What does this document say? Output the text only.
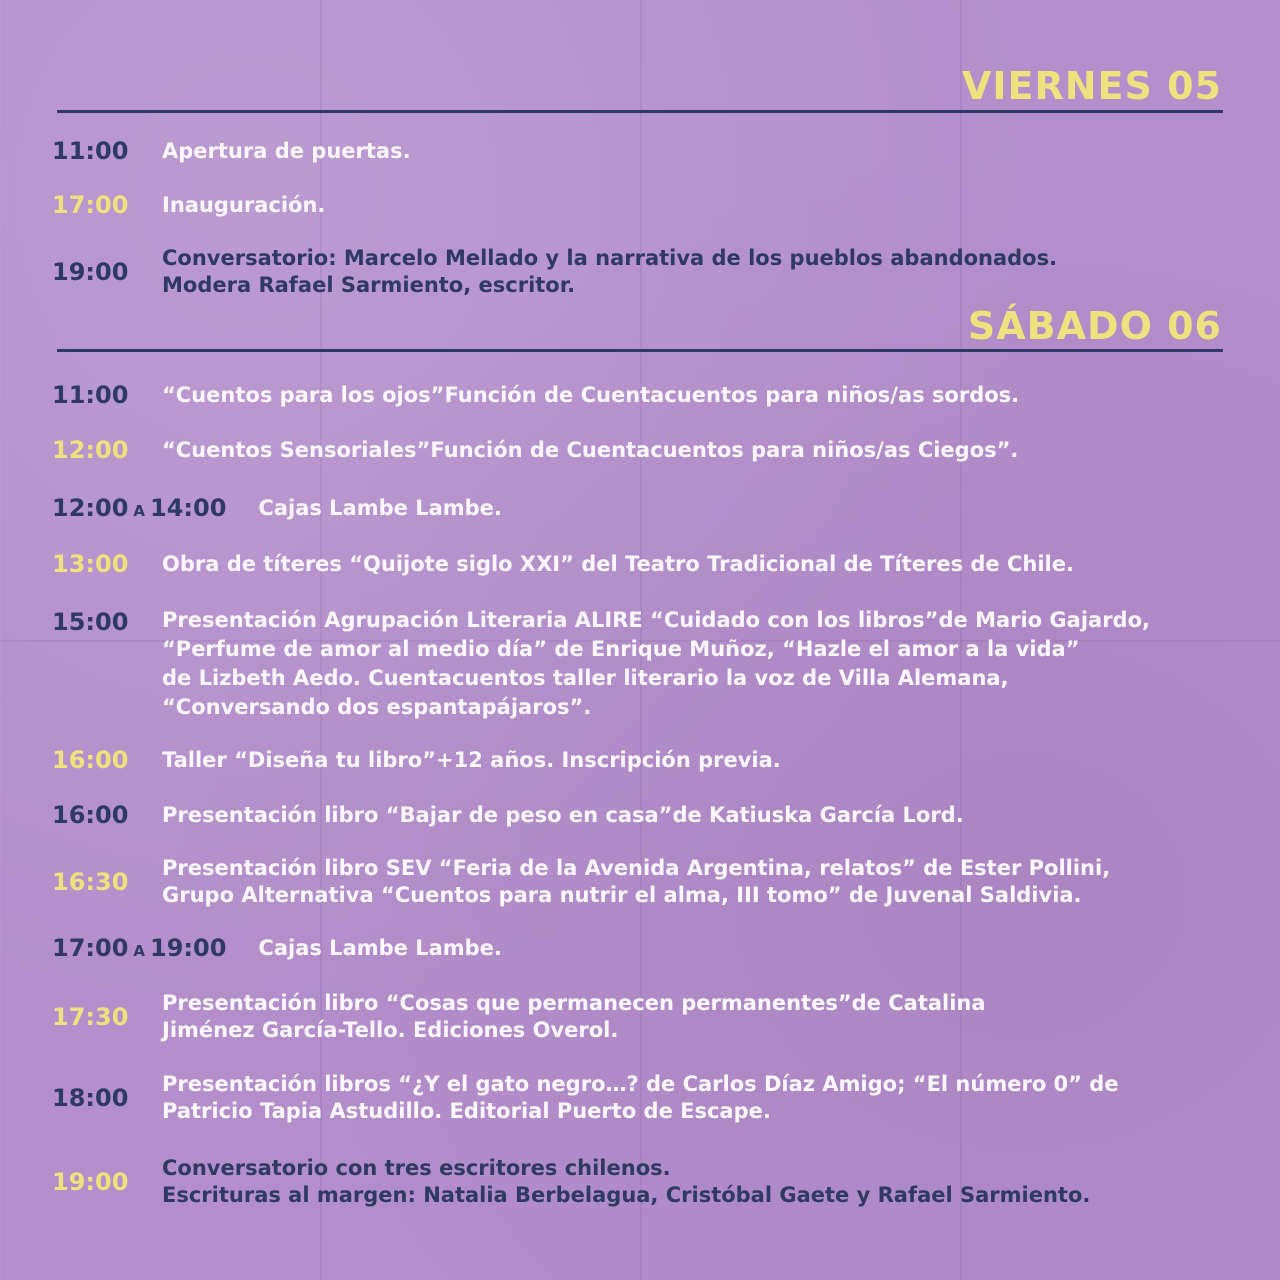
VIERNES 05
11:00	Apertura de puertas.
17:00	Inauguración.
19:00	Conversatorio: Marcelo Mellado y la narrativa de los pueblos abandonados.
Modera Rafael Sarmiento, escritor.
SÁBADO 06
11:00	“Cuentos para los ojos”Función de Cuentacuentos para niños/as sordos.
12:00	“Cuentos Sensoriales”Función de Cuentacuentos para niños/as Ciegos”.
12:00 A 14:00 Cajas Lambe Lambe.
13:00	Obra de títeres “Quijote siglo XXI” del Teatro Tradicional de Títeres de Chile.
15:00	Presentación Agrupación Literaria ALIRE “Cuidado con los libros”de Mario Gajardo,
“Perfume de amor al medio día” de Enrique Muñoz, “Hazle el amor a la vida”
de Lizbeth Aedo. Cuentacuentos taller literario la voz de Villa Alemana,
“Conversando dos espantapájaros”.
16:00	Taller “Diseña tu libro”+12 años. Inscripción previa.
16:00	Presentación libro “Bajar de peso en casa”de Katiuska García Lord.
16:30	Presentación libro SEV “Feria de la Avenida Argentina, relatos” de Ester Pollini,
Grupo Alternativa “Cuentos para nutrir el alma, III tomo” de Juvenal Saldivia.
17:00 A 19:00 Cajas Lambe Lambe.
17:30	Presentación libro “Cosas que permanecen permanentes”de Catalina
Jiménez García-Tello. Ediciones Overol.
18:00	Presentación libros “¿Y el gato negro…? de Carlos Díaz Amigo; “El número 0” de
Patricio Tapia Astudillo. Editorial Puerto de Escape.
19:00	Conversatorio con tres escritores chilenos.
Escrituras al margen: Natalia Berbelagua, Cristóbal Gaete y Rafael Sarmiento.
